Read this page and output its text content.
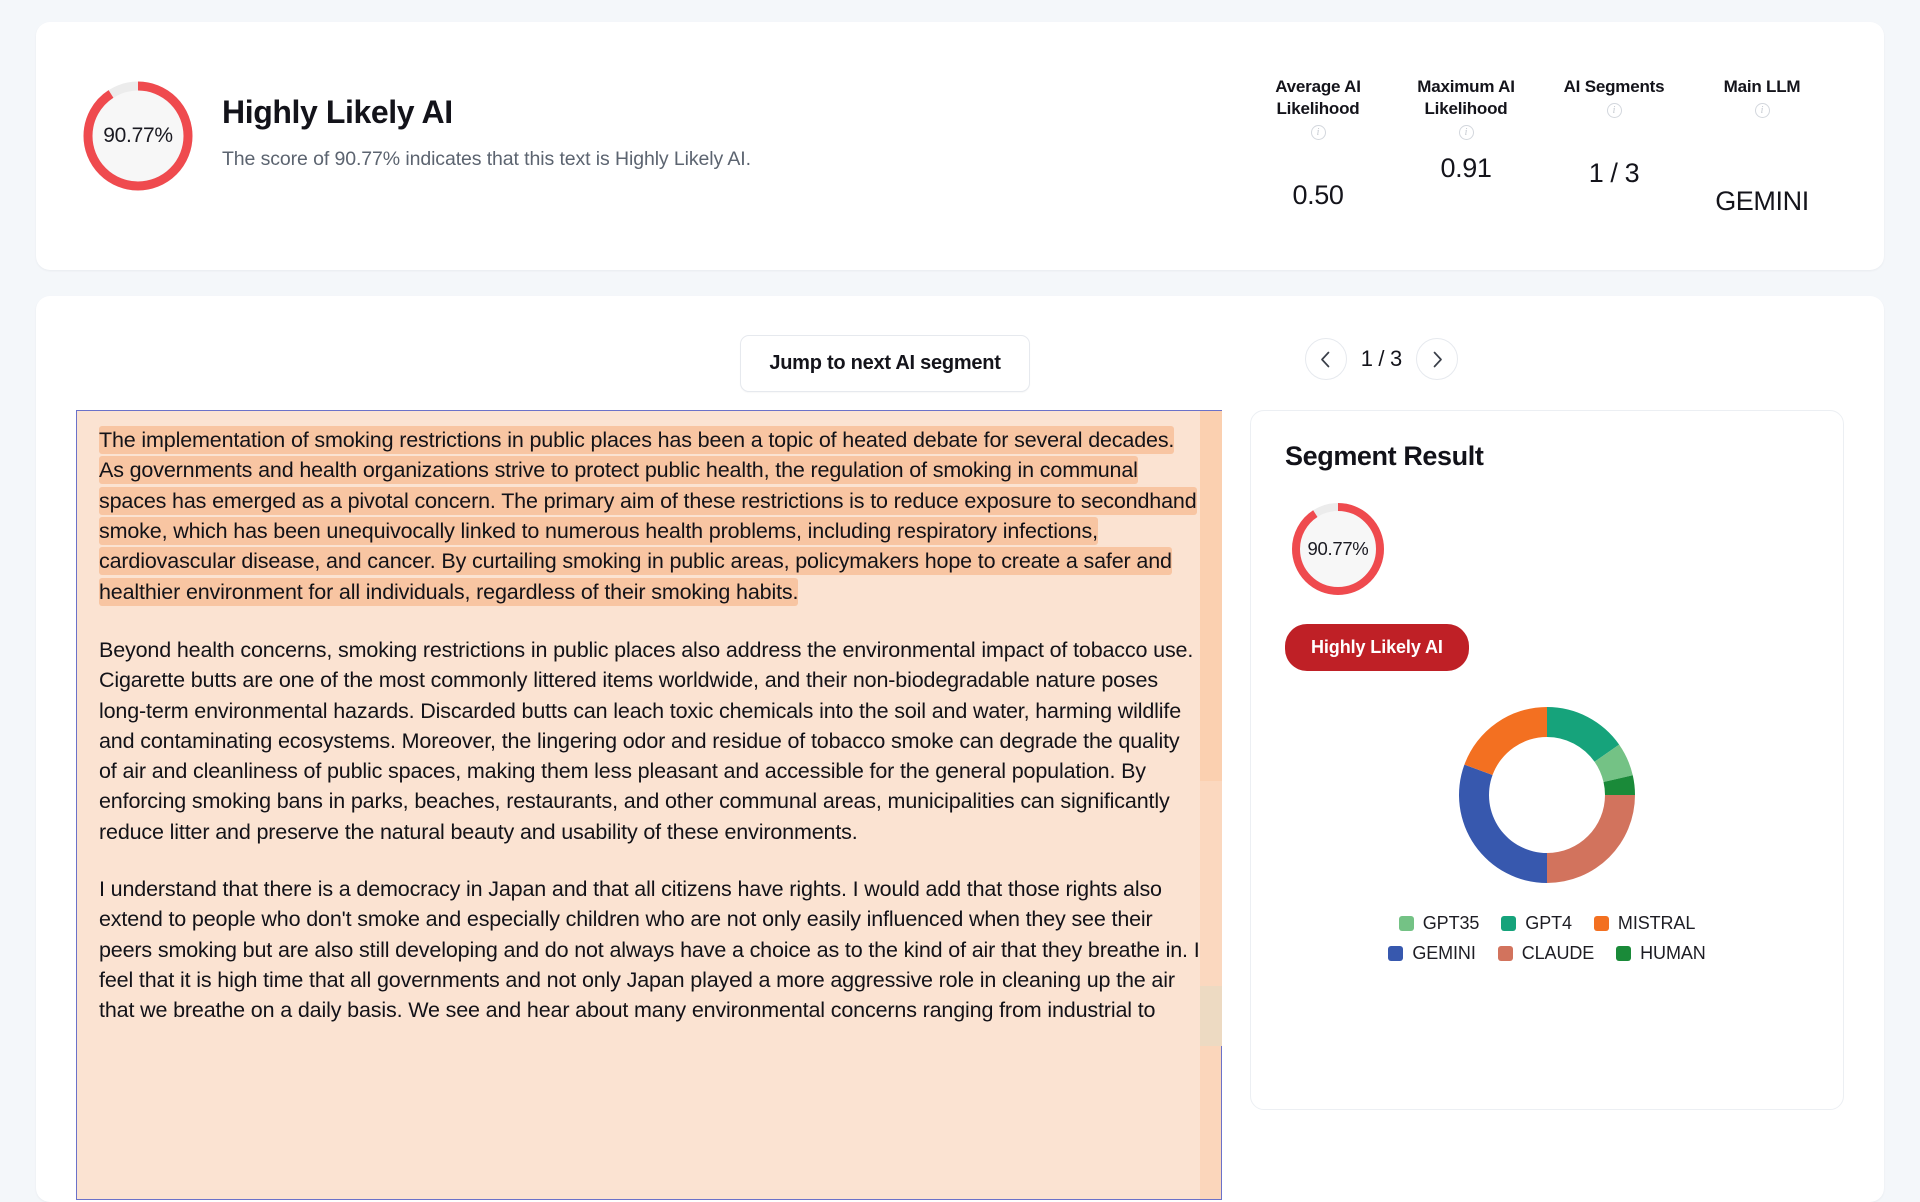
90.77%
Highly Likely AI
The score of 90.77% indicates that this text is Highly Likely AI.
Average AI Likelihood
i
0.50
Maximum AI Likelihood
i
0.91
AI Segments
i
1 / 3
Main LLM
i
GEMINI
Jump to next AI segment	1 / 3

The implementation of smoking restrictions in public places has been a topic of heated debate for several decades. As governments and health organizations strive to protect public health, the regulation of smoking in communal spaces has emerged as a pivotal concern. The primary aim of these restrictions is to reduce exposure to secondhand smoke, which has been unequivocally linked to numerous health problems, including respiratory infections, cardiovascular disease, and cancer. By curtailing smoking in public areas, policymakers hope to create a safer and healthier environment for all individuals, regardless of their smoking habits.

Beyond health concerns, smoking restrictions in public places also address the environmental impact of tobacco use. Cigarette butts are one of the most commonly littered items worldwide, and their non-biodegradable nature poses long-term environmental hazards. Discarded butts can leach toxic chemicals into the soil and water, harming wildlife and contaminating ecosystems. Moreover, the lingering odor and residue of tobacco smoke can degrade the quality of air and cleanliness of public spaces, making them less pleasant and accessible for the general population. By enforcing smoking bans in parks, beaches, restaurants, and other communal areas, municipalities can significantly reduce litter and preserve the natural beauty and usability of these environments.

I understand that there is a democracy in Japan and that all citizens have rights. I would add that those rights also extend to people who don't smoke and especially children who are not only easily influenced when they see their peers smoking but are also still developing and do not always have a choice as to the kind of air that they breathe in. I feel that it is high time that all governments and not only Japan played a more aggressive role in cleaning up the air that we breathe on a daily basis. We see and hear about many environmental concerns ranging from industrial to

Segment Result
90.77%
Highly Likely AI
GPT35	GPT4	MISTRAL
GEMINI	CLAUDE	HUMAN
